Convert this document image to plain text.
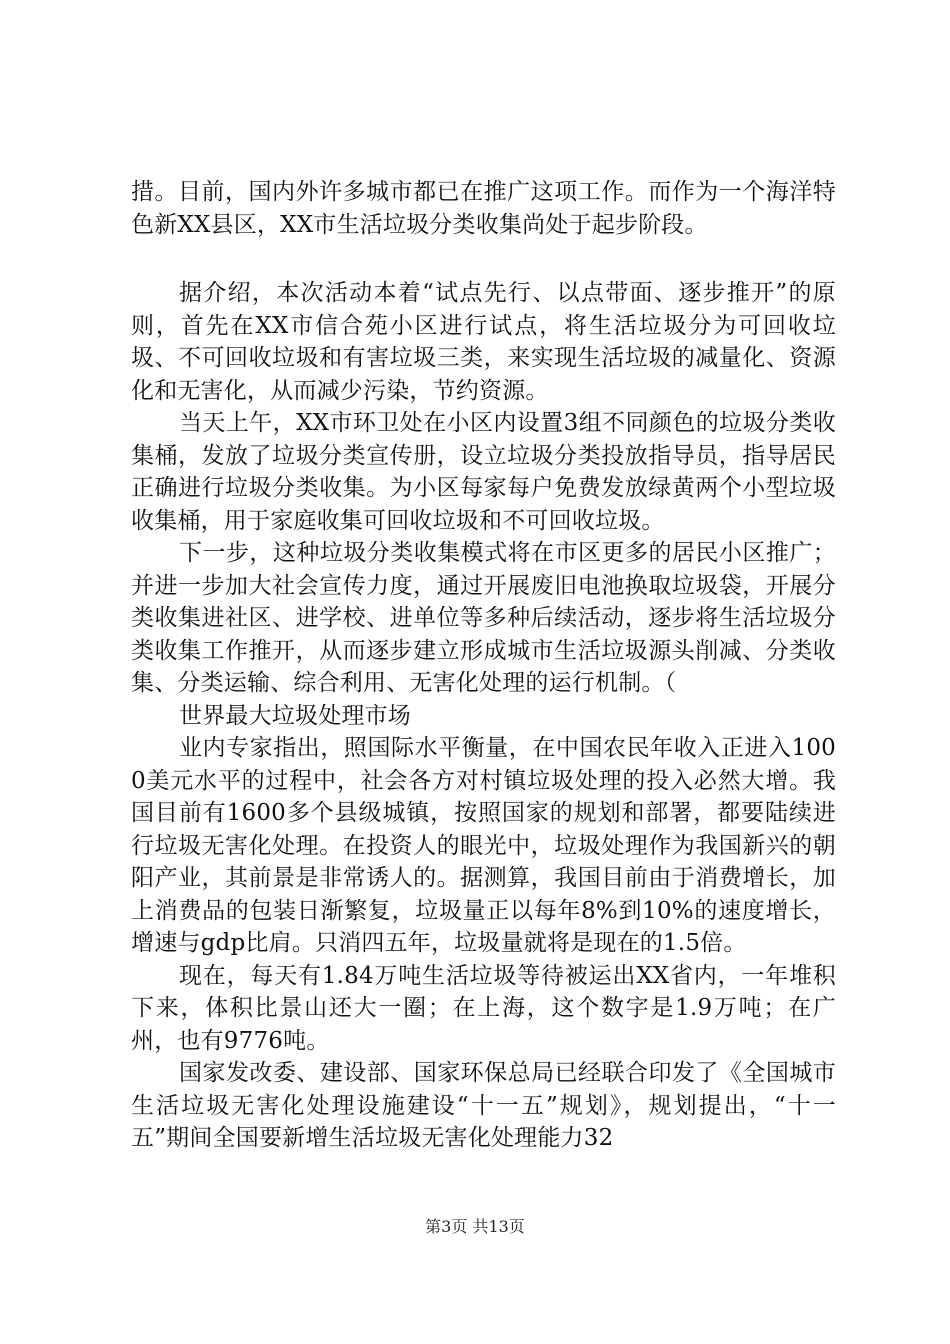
措。目前，国内外许多城市都已在推广这项工作。而作为一个海洋特色新XX县区，XX市生活垃圾分类收集尚处于起步阶段。

据介绍，本次活动本着“试点先行、以点带面、逐步推开”的原则，首先在XX市信合苑小区进行试点，将生活垃圾分为可回收垃圾、不可回收垃圾和有害垃圾三类，来实现生活垃圾的减量化、资源化和无害化，从而减少污染，节约资源。

当天上午，XX市环卫处在小区内设置3组不同颜色的垃圾分类收集桶，发放了垃圾分类宣传册，设立垃圾分类投放指导员，指导居民正确进行垃圾分类收集。为小区每家每户免费发放绿黄两个小型垃圾收集桶，用于家庭收集可回收垃圾和不可回收垃圾。

下一步，这种垃圾分类收集模式将在市区更多的居民小区推广；并进一步加大社会宣传力度，通过开展废旧电池换取垃圾袋，开展分类收集进社区、进学校、进单位等多种后续活动，逐步将生活垃圾分类收集工作推开，从而逐步建立形成城市生活垃圾源头削减、分类收集、分类运输、综合利用、无害化处理的运行机制。（

世界最大垃圾处理市场

业内专家指出，照国际水平衡量，在中国农民年收入正进入1000美元水平的过程中，社会各方对村镇垃圾处理的投入必然大增。我国目前有1600多个县级城镇，按照国家的规划和部署，都要陆续进行垃圾无害化处理。在投资人的眼光中，垃圾处理作为我国新兴的朝阳产业，其前景是非常诱人的。据测算，我国目前由于消费增长，加上消费品的包装日渐繁复，垃圾量正以每年8%到10%的速度增长，增速与gdp比肩。只消四五年，垃圾量就将是现在的1.5倍。

现在，每天有1.84万吨生活垃圾等待被运出XX省内，一年堆积下来，体积比景山还大一圈；在上海，这个数字是1.9万吨；在广州，也有9776吨。

国家发改委、建设部、国家环保总局已经联合印发了《全国城市生活垃圾无害化处理设施建设“十一五”规划》，规划提出，“十一五”期间全国要新增生活垃圾无害化处理能力32

第3页 共13页
